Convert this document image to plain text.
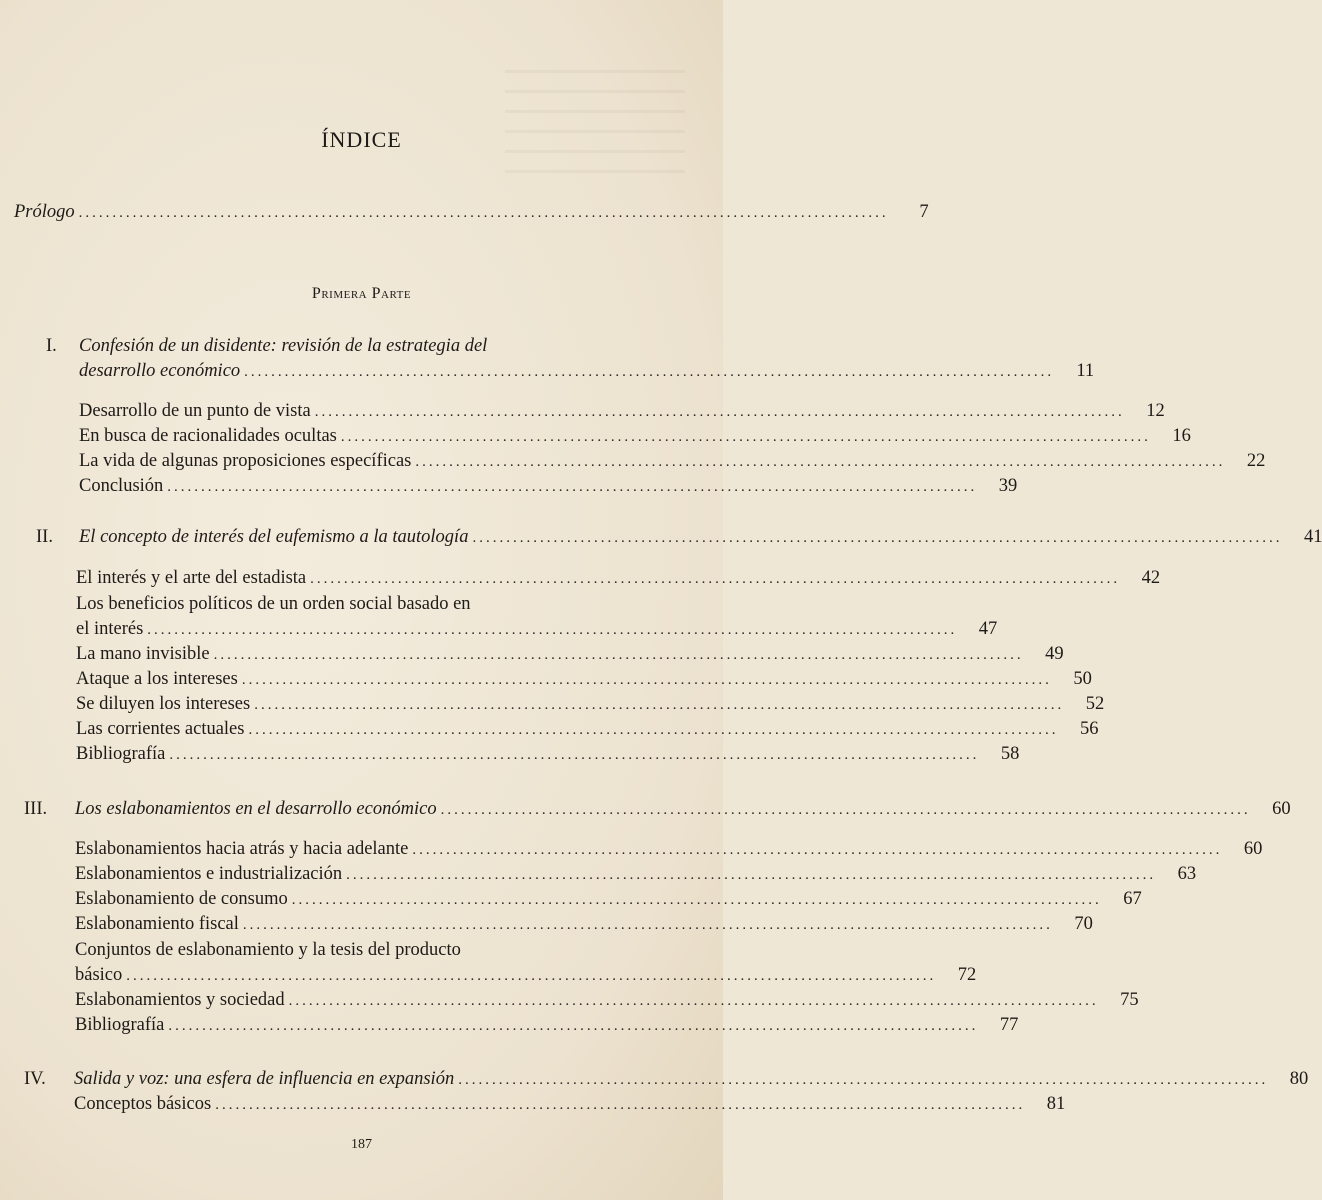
ÍNDICE
Prólogo ........................................................................................................................	7
Primera Parte
I. Confesión de un disidente: revisión de la estrategia del
desarrollo económico ........................................................................................................................	11
Desarrollo de un punto de vista ........................................................................................................................	12
En busca de racionalidades ocultas ........................................................................................................................	16
La vida de algunas proposiciones específicas ........................................................................................................................	22
Conclusión ........................................................................................................................	39
II. El concepto de interés del eufemismo a la tautología ........................................................................................................................	41
El interés y el arte del estadista ........................................................................................................................	42
Los beneficios políticos de un orden social basado en
el interés ........................................................................................................................	47
La mano invisible ........................................................................................................................	49
Ataque a los intereses ........................................................................................................................	50
Se diluyen los intereses ........................................................................................................................	52
Las corrientes actuales ........................................................................................................................	56
Bibliografía ........................................................................................................................	58
III. Los eslabonamientos en el desarrollo económico ........................................................................................................................	60
Eslabonamientos hacia atrás y hacia adelante ........................................................................................................................	60
Eslabonamientos e industrialización ........................................................................................................................	63
Eslabonamiento de consumo ........................................................................................................................	67
Eslabonamiento fiscal ........................................................................................................................	70
Conjuntos de eslabonamiento y la tesis del producto
básico ........................................................................................................................	72
Eslabonamientos y sociedad ........................................................................................................................	75
Bibliografía ........................................................................................................................	77
IV. Salida y voz: una esfera de influencia en expansión ........................................................................................................................	80
Conceptos básicos ........................................................................................................................	81
187
